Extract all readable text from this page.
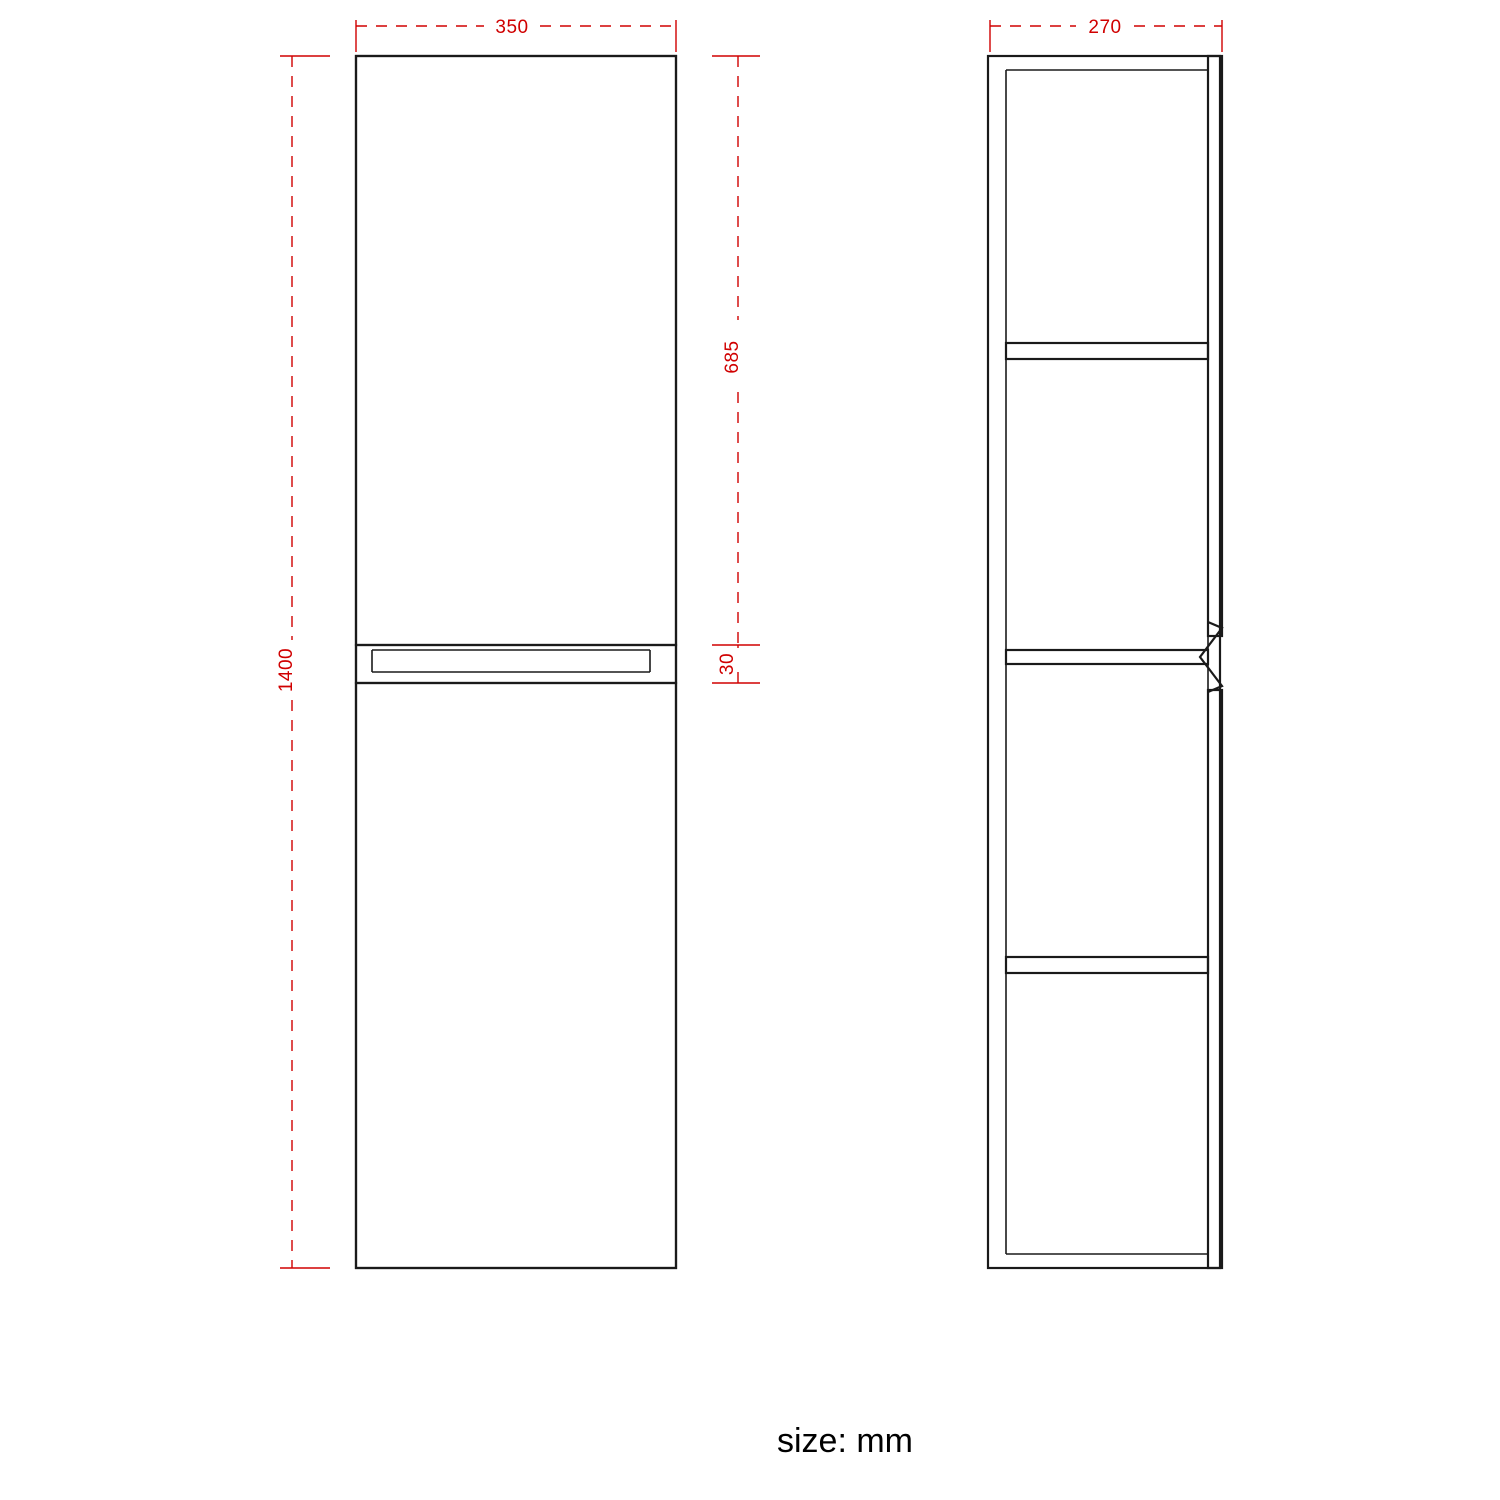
350
1400
685
30
270
size: mm
